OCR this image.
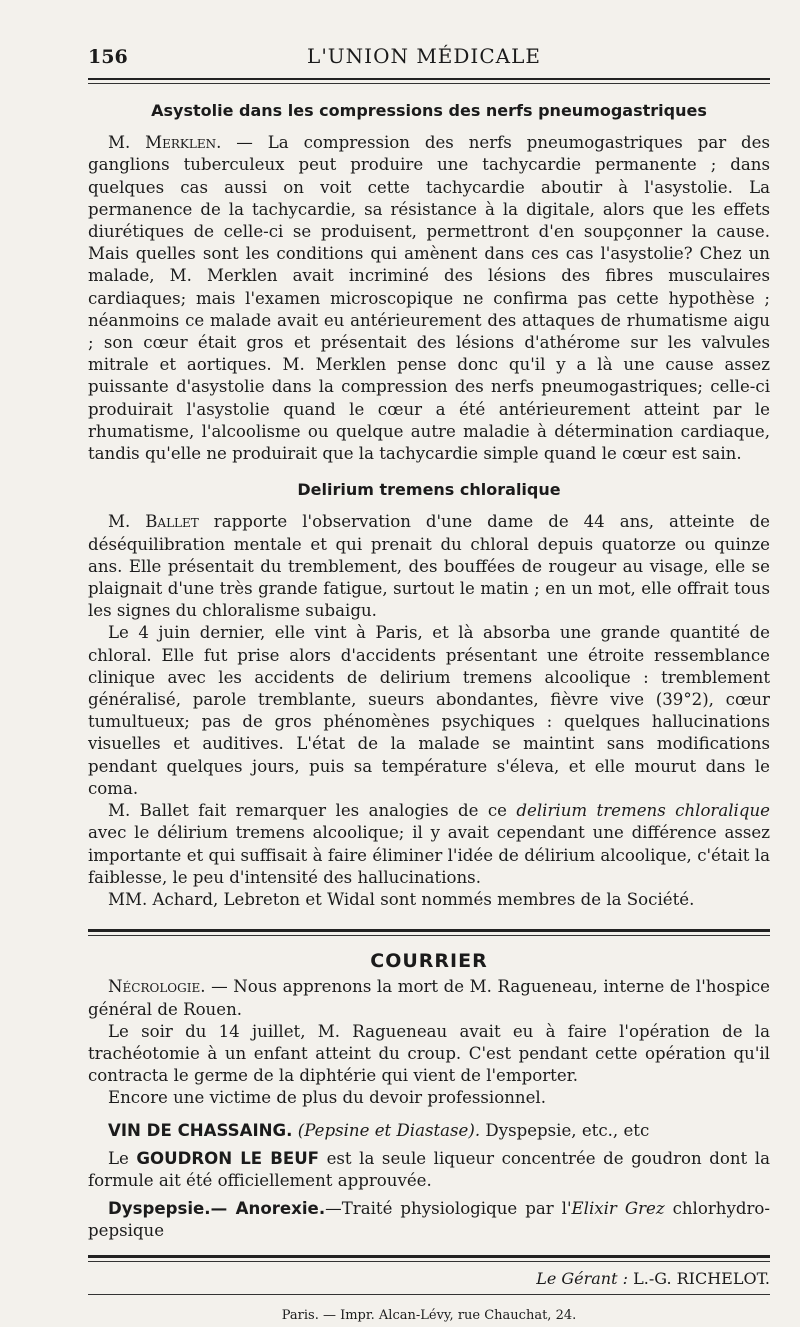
156	L'UNION MÉDICALE
Asystolie dans les compressions des nerfs pneumogastriques

M. Merklen. — La compression des nerfs pneumogastriques par des ganglions tuberculeux peut produire une tachycardie permanente ; dans quelques cas aussi on voit cette tachycardie aboutir à l'asystolie. La permanence de la tachycardie, sa résistance à la digitale, alors que les effets diurétiques de celle-ci se produisent, permettront d'en soupçonner la cause. Mais quelles sont les conditions qui amènent dans ces cas l'asystolie? Chez un malade, M. Merklen avait incriminé des lésions des fibres musculaires cardiaques; mais l'examen microscopique ne confirma pas cette hypothèse ; néanmoins ce malade avait eu antérieurement des attaques de rhumatisme aigu ; son cœur était gros et présentait des lésions d'athérome sur les valvules mitrale et aortiques. M. Merklen pense donc qu'il y a là une cause assez puissante d'asystolie dans la compression des nerfs pneumogastriques; celle-ci produirait l'asystolie quand le cœur a été antérieurement atteint par le rhumatisme, l'alcoolisme ou quelque autre maladie à détermination cardiaque, tandis qu'elle ne produirait que la tachycardie simple quand le cœur est sain.

Delirium tremens chloralique

M. Ballet rapporte l'observation d'une dame de 44 ans, atteinte de déséquilibration mentale et qui prenait du chloral depuis quatorze ou quinze ans. Elle présentait du tremblement, des bouffées de rougeur au visage, elle se plaignait d'une très grande fatigue, surtout le matin ; en un mot, elle offrait tous les signes du chloralisme subaigu.

Le 4 juin dernier, elle vint à Paris, et là absorba une grande quantité de chloral. Elle fut prise alors d'accidents présentant une étroite ressemblance clinique avec les accidents de delirium tremens alcoolique : tremblement généralisé, parole tremblante, sueurs abondantes, fièvre vive (39°2), cœur tumultueux; pas de gros phénomènes psychiques : quelques hallucinations visuelles et auditives. L'état de la malade se maintint sans modifications pendant quelques jours, puis sa température s'éleva, et elle mourut dans le coma.

M. Ballet fait remarquer les analogies de ce delirium tremens chloralique avec le délirium tremens alcoolique; il y avait cependant une différence assez importante et qui suffisait à faire éliminer l'idée de délirium alcoolique, c'était la faiblesse, le peu d'intensité des hallucinations.

MM. Achard, Lebreton et Widal sont nommés membres de la Société.

COURRIER

Nécrologie. — Nous apprenons la mort de M. Ragueneau, interne de l'hospice général de Rouen.

Le soir du 14 juillet, M. Ragueneau avait eu à faire l'opération de la trachéotomie à un enfant atteint du croup. C'est pendant cette opération qu'il contracta le germe de la diphtérie qui vient de l'emporter.

Encore une victime de plus du devoir professionnel.

VIN DE CHASSAING. (Pepsine et Diastase). Dyspepsie, etc., etc

Le GOUDRON LE BEUF est la seule liqueur concentrée de goudron dont la formule ait été officiellement approuvée.

Dyspepsie.— Anorexie.—Traité physiologique par l'Elixir Grez chlorhydro-pepsique

Le Gérant : L.-G. RICHELOT.
Paris. — Impr. Alcan-Lévy, rue Chauchat, 24.
